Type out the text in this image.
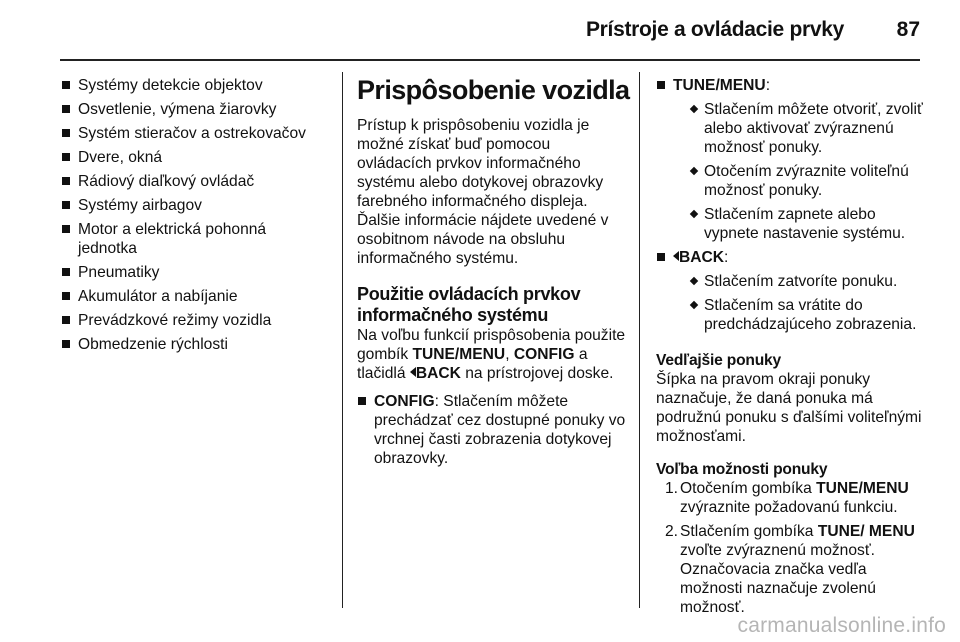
Prístroje a ovládacie prvky	87
Systémy detekcie objektov
Osvetlenie, výmena žiarovky
Systém stieračov a ostrekovačov
Dvere, okná
Rádiový diaľkový ovládač
Systémy airbagov
Motor a elektrická pohonná jednotka
Pneumatiky
Akumulátor a nabíjanie
Prevádzkové režimy vozidla
Obmedzenie rýchlosti
Prispôsobenie vozidla

Prístup k prispôsobeniu vozidla je možné získať buď pomocou ovládacích prvkov informačného systému alebo dotykovej obrazovky farebného informačného displeja. Ďalšie informácie nájdete uvedené v osobitnom návode na obsluhu informačného systému.

Použitie ovládacích prvkov informačného systému

Na voľbu funkcií prispôsobenia použite gombík TUNE/MENU, CONFIG a tlačidlá BACK na prístrojovej doske.

CONFIG: Stlačením môžete prechádzať cez dostupné ponuky vo vrchnej časti zobrazenia dotykovej obrazovky.
TUNE/MENU:
Stlačením môžete otvoriť, zvoliť alebo aktivovať zvýraznenú možnosť ponuky.
Otočením zvýraznite voliteľnú možnosť ponuky.
Stlačením zapnete alebo vypnete nastavenie systému.
BACK:
Stlačením zatvoríte ponuku.
Stlačením sa vrátite do predchádzajúceho zobrazenia.

Vedľajšie ponuky

Šípka na pravom okraji ponuky naznačuje, že daná ponuka má podružnú ponuku s ďalšími voliteľnými možnosťami.

Voľba možnosti ponuky

1. Otočením gombíka TUNE/MENU zvýraznite požadovanú funkciu.
2. Stlačením gombíka TUNE/ MENU zvoľte zvýraznenú možnosť. Označovacia značka vedľa možnosti naznačuje zvolenú možnosť.
carmanualsonline.info
